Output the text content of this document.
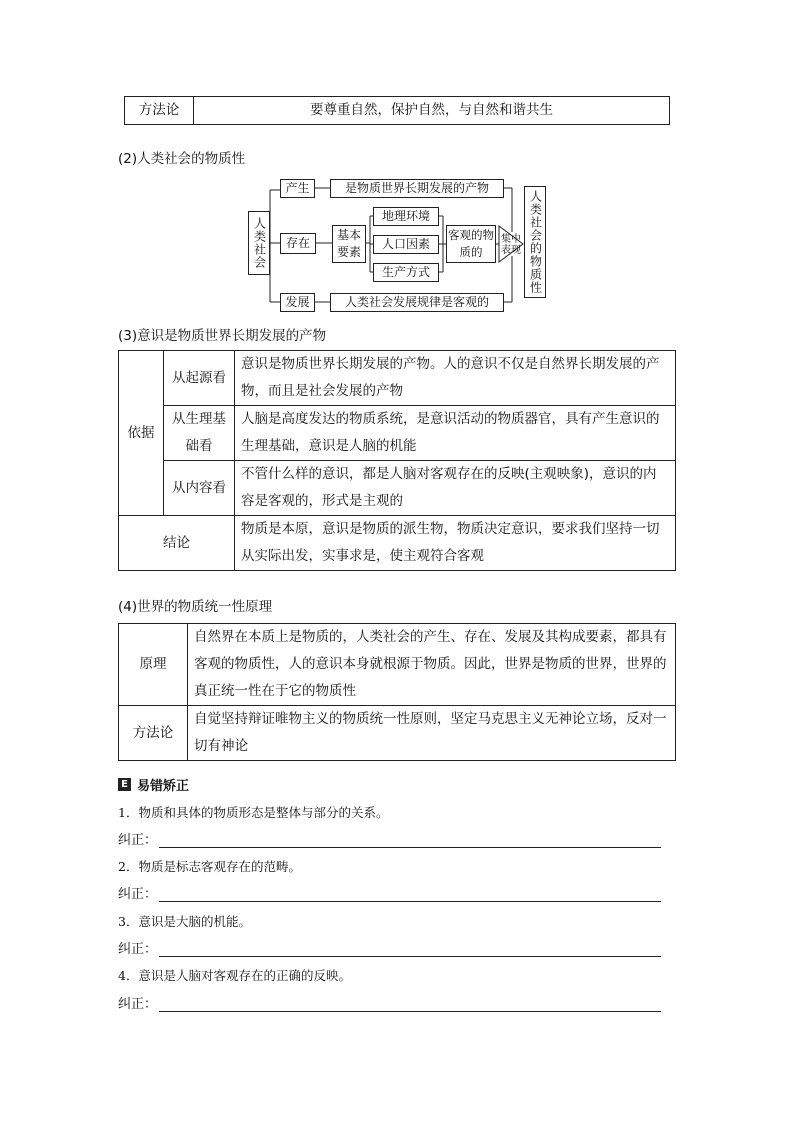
方法论	要尊重自然，保护自然，与自然和谐共生
(2)人类社会的物质性
人类社会
产生	是物质世界长期发展的产物
存在
基本要素
地理环境
人口因素
生产方式
客观的物质的
集中表现 人类社会的物质性
发展	人类社会发展规律是客观的
(3)意识是物质世界长期发展的产物
依据	从起源看	意识是物质世界长期发展的产物。人的意识不仅是自然界长期发展的产物，而且是社会发展的产物
	从生理基础看	人脑是高度发达的物质系统，是意识活动的物质器官，具有产生意识的生理基础，意识是人脑的机能
	从内容看	不管什么样的意识，都是人脑对客观存在的反映(主观映象)，意识的内容是客观的，形式是主观的
结论		物质是本原，意识是物质的派生物，物质决定意识，要求我们坚持一切从实际出发，实事求是，使主观符合客观
(4)世界的物质统一性原理
原理	自然界在本质上是物质的，人类社会的产生、存在、发展及其构成要素，都具有客观的物质性，人的意识本身就根源于物质。因此，世界是物质的世界，世界的真正统一性在于它的物质性
方法论	自觉坚持辩证唯物主义的物质统一性原则，坚定马克思主义无神论立场，反对一切有神论
E 易错矫正
1．物质和具体的物质形态是整体与部分的关系。
纠正：
2．物质是标志客观存在的范畴。
纠正：
3．意识是大脑的机能。
纠正：
4．意识是人脑对客观存在的正确的反映。
纠正：
